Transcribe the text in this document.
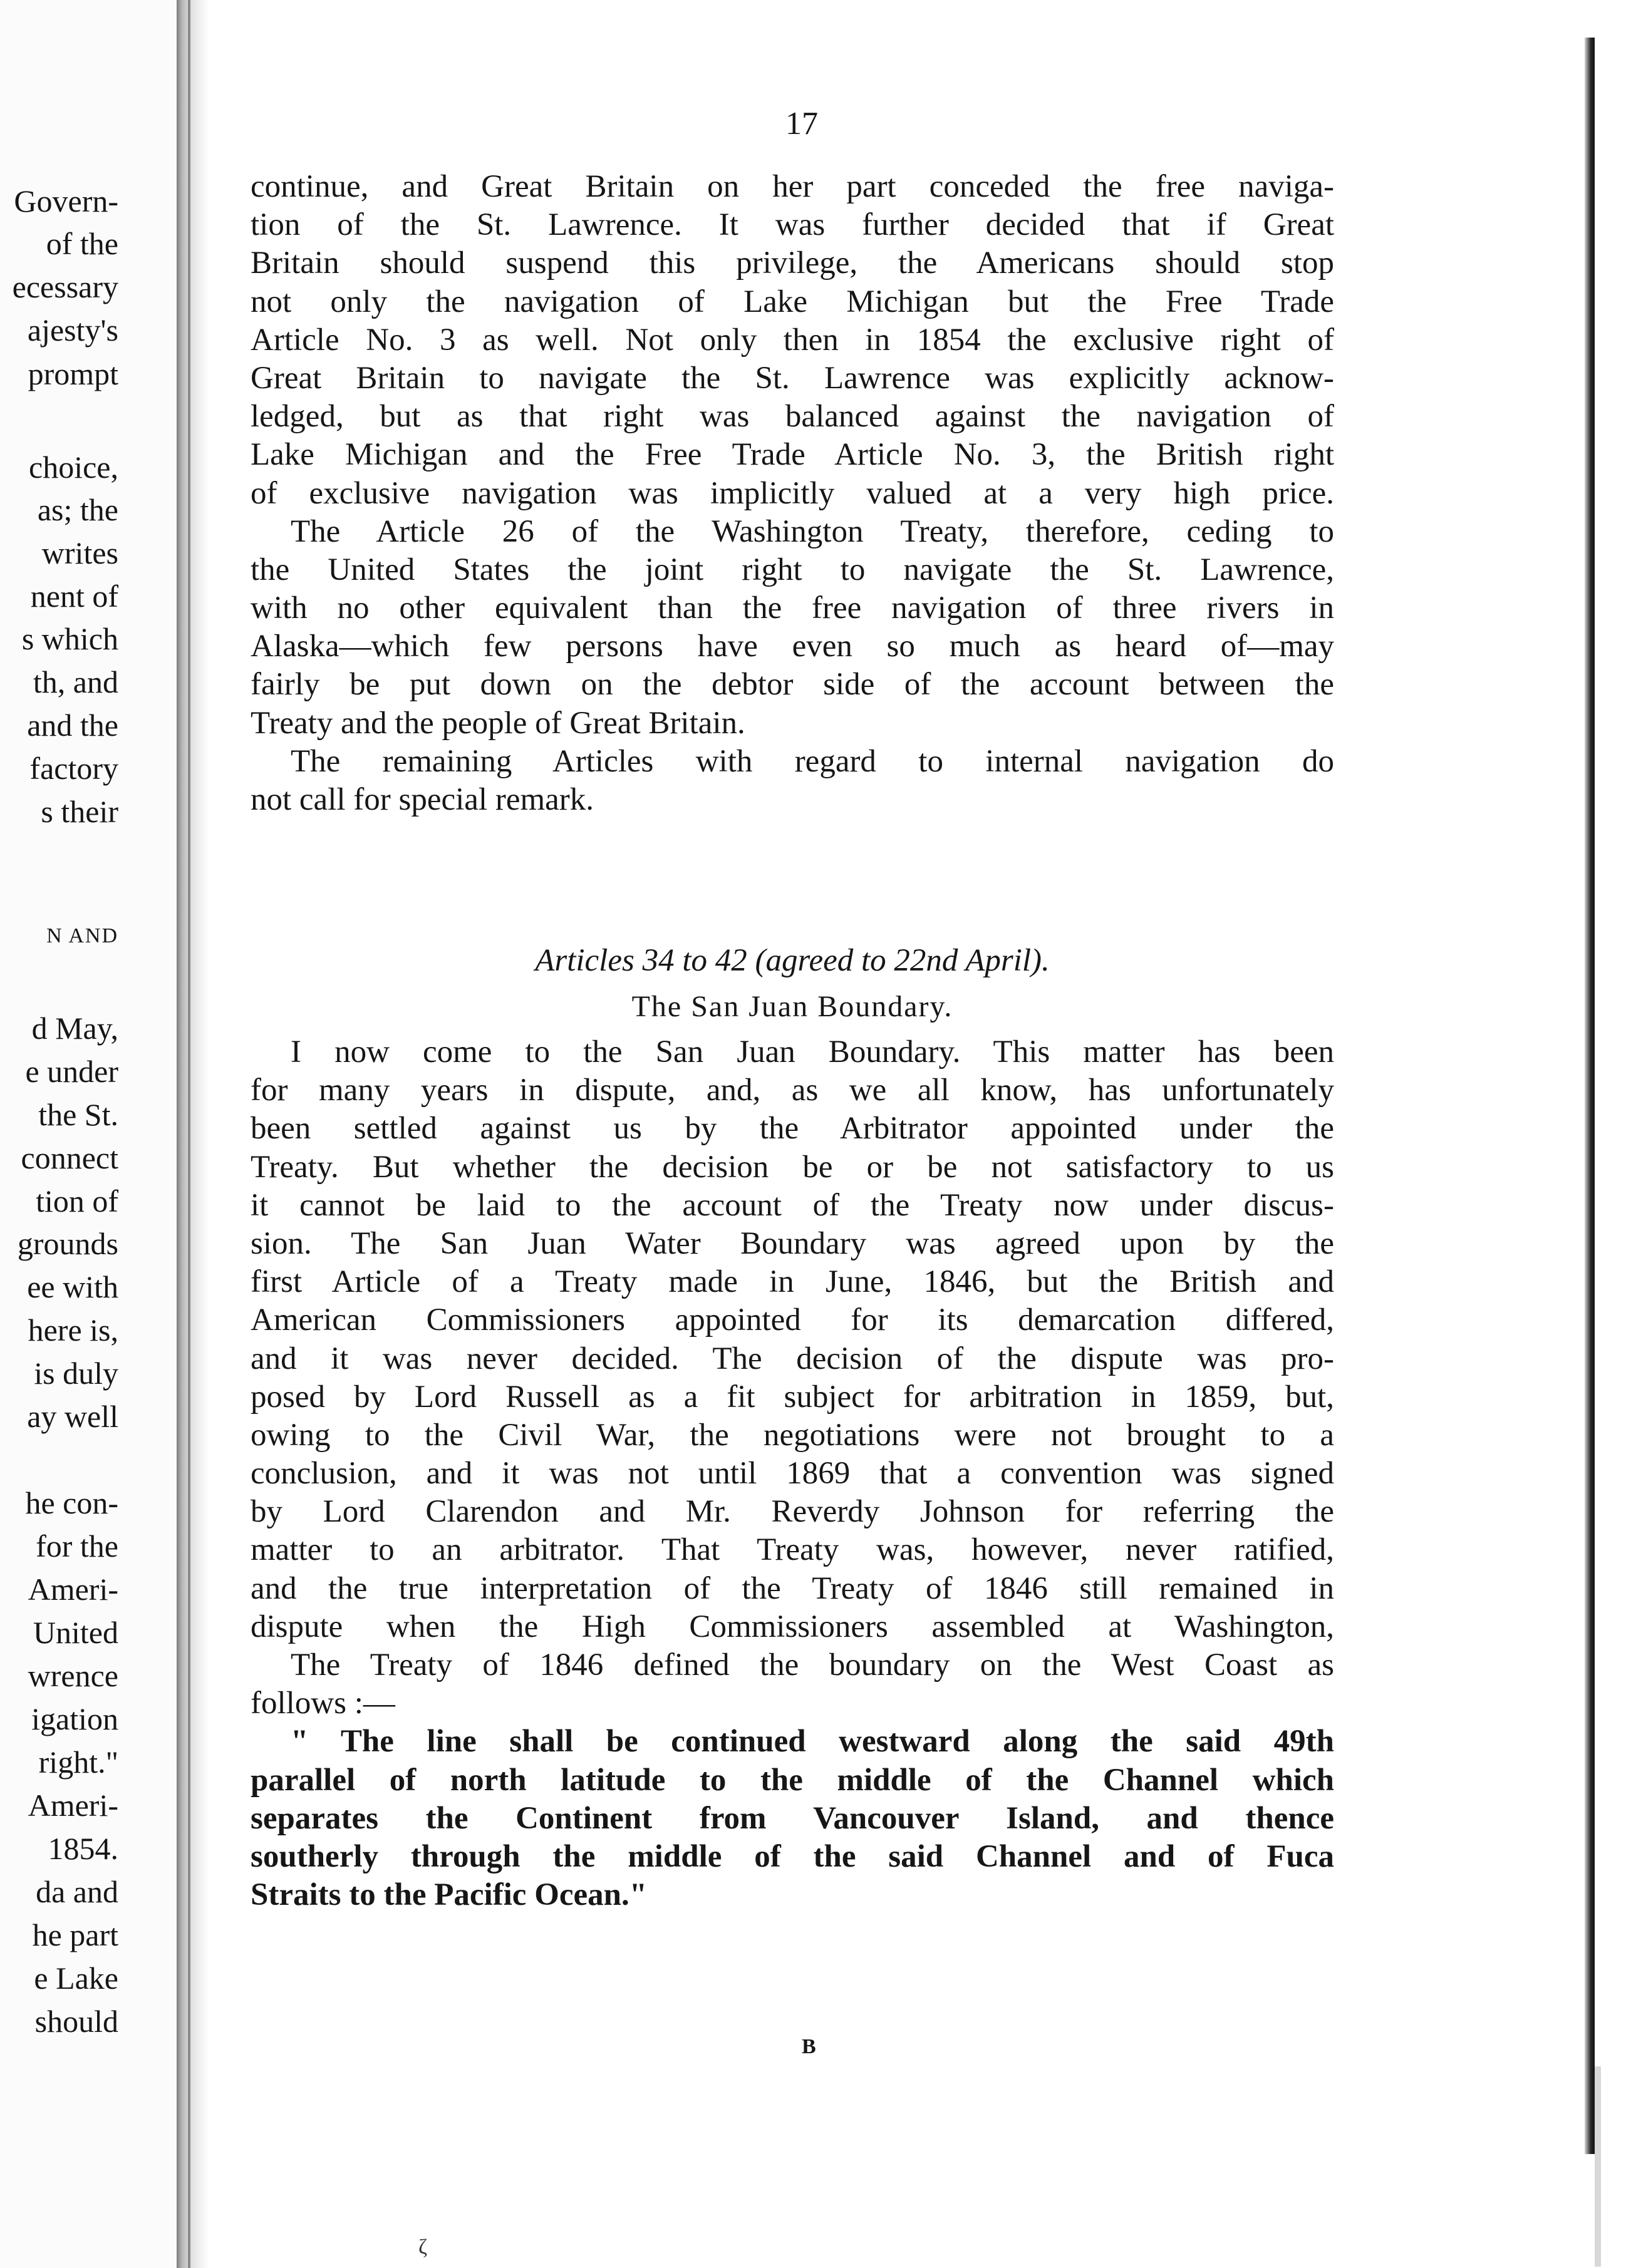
Govern-
of the
ecessary
ajesty's
prompt
choice,
as; the
writes
nent of
s which
th, and
and the
factory
s their
N AND
d May,
e under
the St.
connect
tion of
grounds
ee with
here is,
is duly
ay well
he con-
for the
Ameri-
United
wrence
igation
right."
Ameri-
1854.
da and
he part
e Lake
should
17
continue, and Great Britain on her part conceded the free naviga-
tion of the St. Lawrence. It was further decided that if Great
Britain should suspend this privilege, the Americans should stop
not only the navigation of Lake Michigan but the Free Trade
Article No. 3 as well. Not only then in 1854 the exclusive right of
Great Britain to navigate the St. Lawrence was explicitly acknow-
ledged, but as that right was balanced against the navigation of
Lake Michigan and the Free Trade Article No. 3, the British right
of exclusive navigation was implicitly valued at a very high price.
The Article 26 of the Washington Treaty, therefore, ceding to
the United States the joint right to navigate the St. Lawrence,
with no other equivalent than the free navigation of three rivers in
Alaska—which few persons have even so much as heard of—may
fairly be put down on the debtor side of the account between the
Treaty and the people of Great Britain.
The remaining Articles with regard to internal navigation do
not call for special remark.
Articles 34 to 42 (agreed to 22nd April).
The San Juan Boundary.
I now come to the San Juan Boundary. This matter has been
for many years in dispute, and, as we all know, has unfortunately
been settled against us by the Arbitrator appointed under the
Treaty. But whether the decision be or be not satisfactory to us
it cannot be laid to the account of the Treaty now under discus-
sion. The San Juan Water Boundary was agreed upon by the
first Article of a Treaty made in June, 1846, but the British and
American Commissioners appointed for its demarcation differed,
and it was never decided. The decision of the dispute was pro-
posed by Lord Russell as a fit subject for arbitration in 1859, but,
owing to the Civil War, the negotiations were not brought to a
conclusion, and it was not until 1869 that a convention was signed
by Lord Clarendon and Mr. Reverdy Johnson for referring the
matter to an arbitrator. That Treaty was, however, never ratified,
and the true interpretation of the Treaty of 1846 still remained in
dispute when the High Commissioners assembled at Washington,
The Treaty of 1846 defined the boundary on the West Coast as
follows :—
" The line shall be continued westward along the said 49th
parallel of north latitude to the middle of the Channel which
separates the Continent from Vancouver Island, and thence
southerly through the middle of the said Channel and of Fuca
Straits to the Pacific Ocean."
B
ζ
